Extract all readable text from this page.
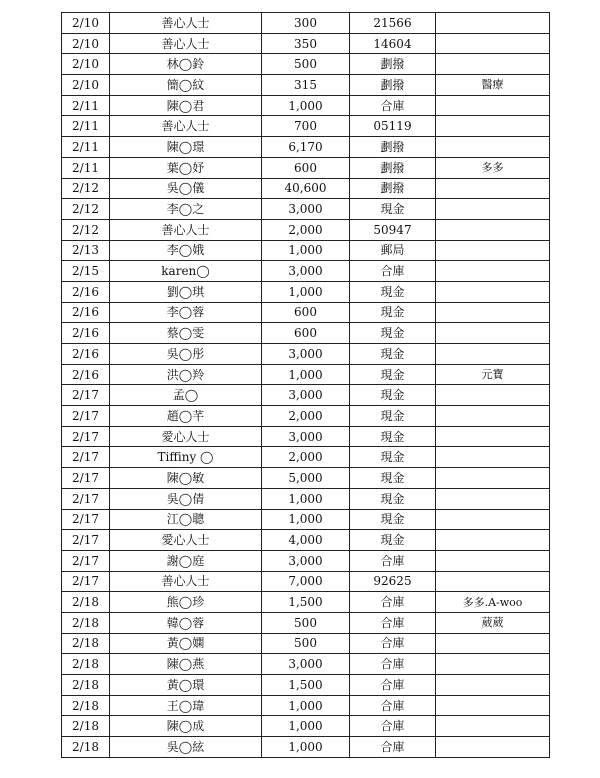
2/10	善心人士	300	21566	
2/10	善心人士	350	14604	
2/10	林◯鈴	500	劃撥	
2/10	簡◯紋	315	劃撥	醫療
2/11	陳◯君	1,000	合庫	
2/11	善心人士	700	05119	
2/11	陳◯璟	6,170	劃撥	
2/11	葉◯妤	600	劃撥	多多
2/12	吳◯儀	40,600	劃撥	
2/12	李◯之	3,000	現金	
2/12	善心人士	2,000	50947	
2/13	李◯娥	1,000	郵局	
2/15	karen◯	3,000	合庫	
2/16	劉◯琪	1,000	現金	
2/16	李◯蓉	600	現金	
2/16	蔡◯雯	600	現金	
2/16	吳◯彤	3,000	現金	
2/16	洪◯羚	1,000	現金	元寶
2/17	孟◯	3,000	現金	
2/17	趙◯芊	2,000	現金	
2/17	愛心人士	3,000	現金	
2/17	Tiffiny ◯	2,000	現金	
2/17	陳◯敏	5,000	現金	
2/17	吳◯倩	1,000	現金	
2/17	江◯聰	1,000	現金	
2/17	愛心人士	4,000	現金	
2/17	謝◯庭	3,000	合庫	
2/17	善心人士	7,000	92625	
2/18	熊◯珍	1,500	合庫	多多.A-woo
2/18	韓◯蓉	500	合庫	葳葳
2/18	黃◯嫻	500	合庫	
2/18	陳◯燕	3,000	合庫	
2/18	黃◯環	1,500	合庫	
2/18	王◯瑋	1,000	合庫	
2/18	陳◯成	1,000	合庫	
2/18	吳◯絃	1,000	合庫	
